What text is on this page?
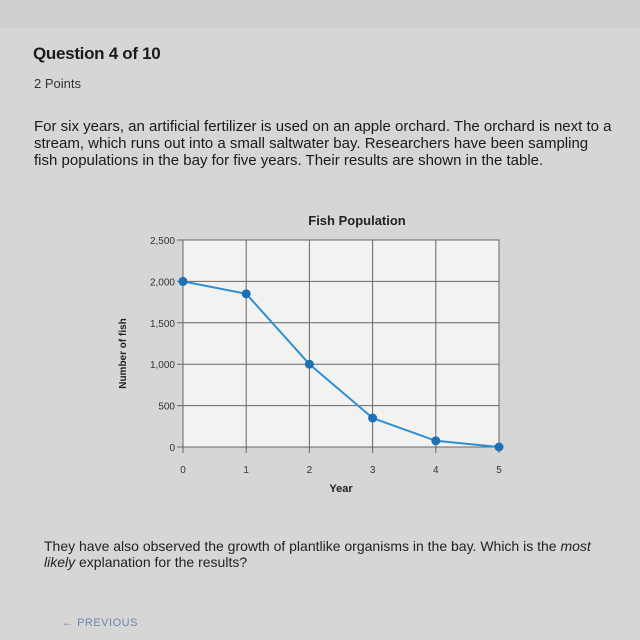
Question 4 of 10
2 Points
For six years, an artificial fertilizer is used on an apple orchard. The orchard is next to a stream, which runs out into a small saltwater bay. Researchers have been sampling fish populations in the bay for five years. Their results are shown in the table.
0
500
1,000
1,500
2,000
2,500
0	1	2	3	4	5
Fish Population
Year
Number of fish
They have also observed the growth of plantlike organisms in the bay. Which is the most likely explanation for the results?
← PREVIOUS
